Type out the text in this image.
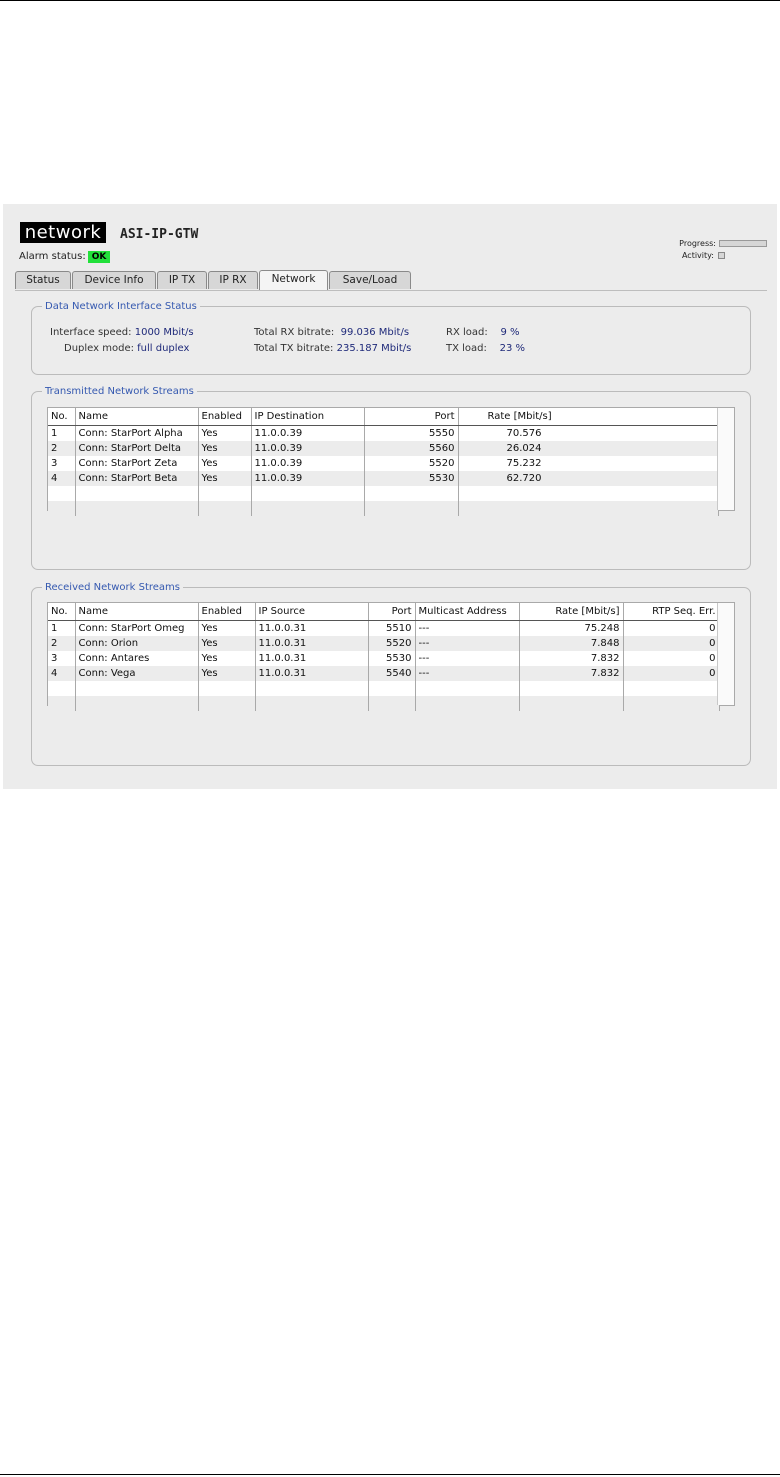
network	ASI-IP-GTW
Alarm status: OK
Progress:
Activity:
Status	Device Info	IP TX	IP RX	Network	Save/Load
Data Network Interface Status
Interface speed: 1000 Mbit/s
Duplex mode: full duplex
Total RX bitrate: 99.036 Mbit/s
Total TX bitrate: 235.187 Mbit/s
RX load: 9 %
TX load: 23 %
Transmitted Network Streams
No.	Name	Enabled	IP Destination	Port	Rate [Mbit/s]
1	Conn: StarPort Alpha	Yes	11.0.0.39	5550	70.576
2	Conn: StarPort Delta	Yes	11.0.0.39	5560	26.024
3	Conn: StarPort Zeta	Yes	11.0.0.39	5520	75.232
4	Conn: StarPort Beta	Yes	11.0.0.39	5530	62.720

Received Network Streams
No.	Name	Enabled	IP Source	Port	Multicast Address	Rate [Mbit/s]	RTP Seq. Err.
1	Conn: StarPort Omeg	Yes	11.0.0.31	5510	---	75.248	0
2	Conn: Orion	Yes	11.0.0.31	5520	---	7.848	0
3	Conn: Antares	Yes	11.0.0.31	5530	---	7.832	0
4	Conn: Vega	Yes	11.0.0.31	5540	---	7.832	0
